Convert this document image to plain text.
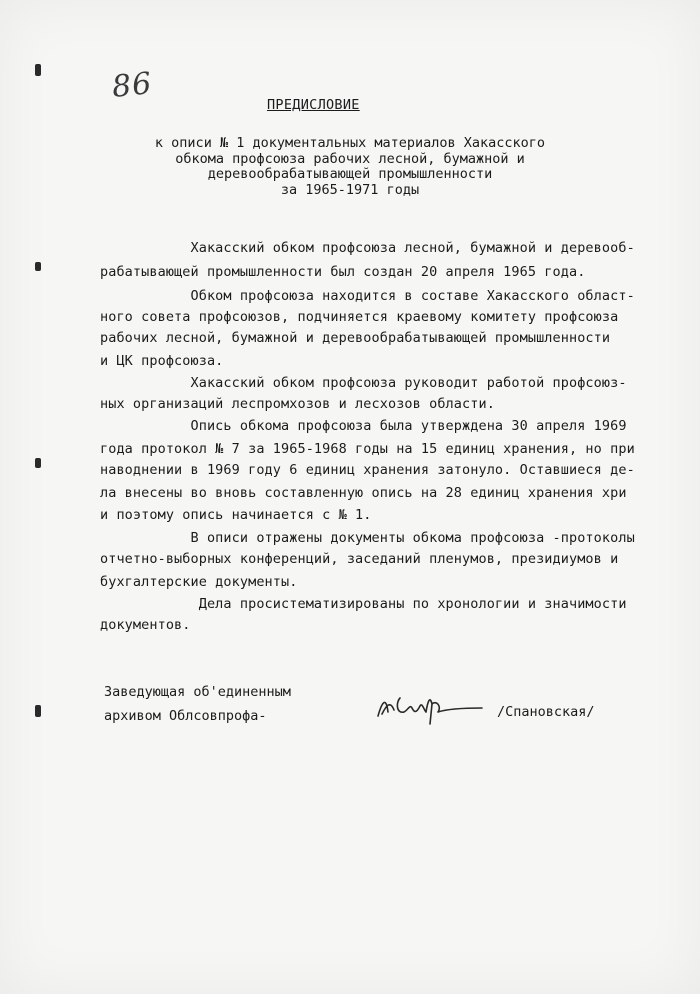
86	ПРЕДИСЛОВИЕ
к описи № 1 документальных материалов Хакасского
обкома профсоюза рабочих лесной, бумажной и
деревообрабатывающей промышленности
за 1965-1971 годы
Хакасский обком профсоюза лесной, бумажной и деревооб-
рабатывающей промышленности был создан 20 апреля 1965 года.
Обком профсоюза находится в составе Хакасского област-
ного совета профсоюзов, подчиняется краевому комитету профсоюза
рабочих лесной, бумажной и деревообрабатывающей промышленности
и ЦК профсоюза.
Хакасский обком профсоюза руководит работой профсоюз-
ных организаций леспромхозов и лесхозов области.
Опись обкома профсоюза была утверждена 30 апреля 1969
года протокол № 7 за 1965-1968 годы на 15 единиц хранения, но при
наводнении в 1969 году 6 единиц хранения затонуло. Оставшиеся де-
ла внесены во вновь составленную опись на 28 единиц хранения хри
и поэтому опись начинается с № 1.
В описи отражены документы обкома профсоюза -протоколы
отчетно-выборных конференций, заседаний пленумов, президиумов и
бухгалтерские документы.
Дела просистематизированы по хронологии и значимости
документов.
Заведующая об'единенным
архивом Облсовпрофа-	/Спановская/
